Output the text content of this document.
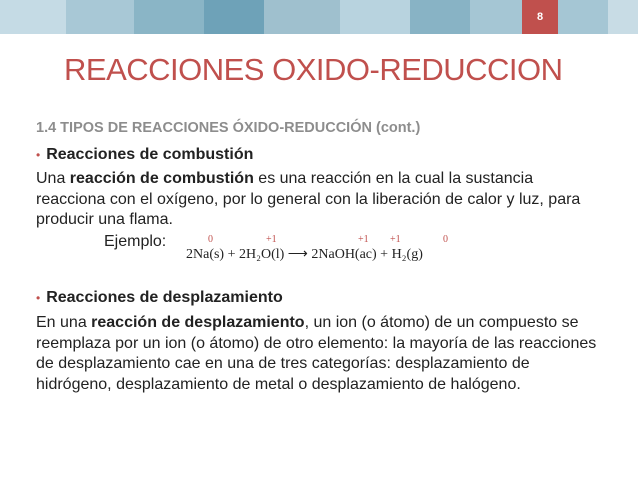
8
REACCIONES OXIDO-REDUCCION
1.4 TIPOS DE REACCIONES ÓXIDO-REDUCCIÓN (cont.)
• Reacciones de combustión
Una reacción de combustión es una reacción en la cual la sustancia reacciona con el oxígeno, por lo general con la liberación de calor y luz, para producir una flama.
Ejemplo:	0	+1	+1 +1	0
2Na(s) + 2H₂O(l) ⟶ 2NaOH(ac) + H₂(g)
• Reacciones de desplazamiento
En una reacción de desplazamiento, un ion (o átomo) de un compuesto se reemplaza por un ion (o átomo) de otro elemento: la mayoría de las reacciones de desplazamiento cae en una de tres categorías: desplazamiento de hidrógeno, desplazamiento de metal o desplazamiento de halógeno.
